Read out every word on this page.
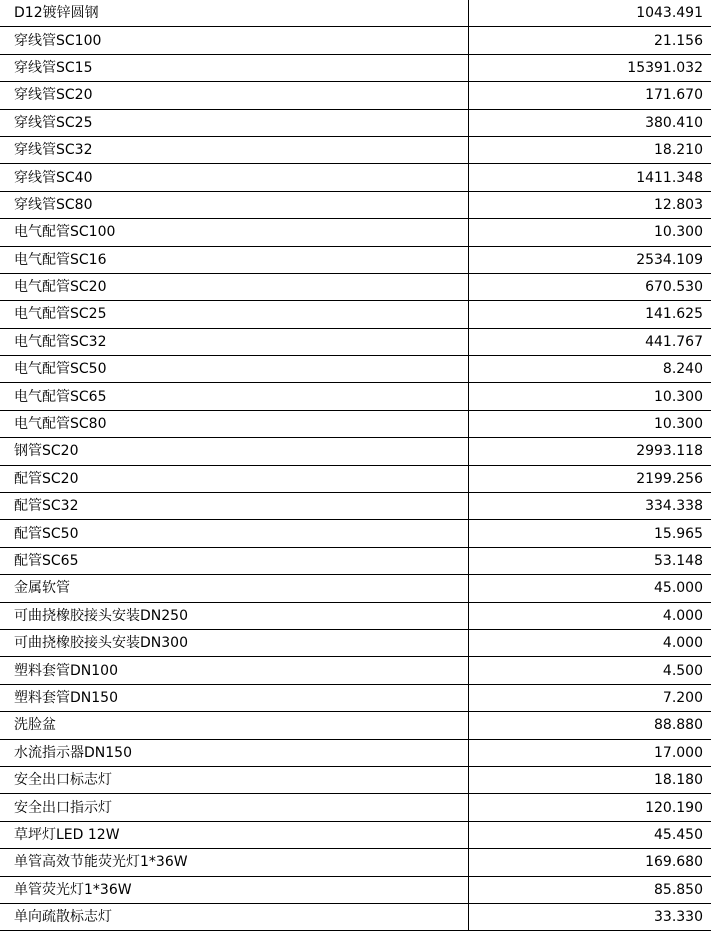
D12镀锌圆钢	1043.491
穿线管SC100	21.156
穿线管SC15	15391.032
穿线管SC20	171.670
穿线管SC25	380.410
穿线管SC32	18.210
穿线管SC40	1411.348
穿线管SC80	12.803
电气配管SC100	10.300
电气配管SC16	2534.109
电气配管SC20	670.530
电气配管SC25	141.625
电气配管SC32	441.767
电气配管SC50	8.240
电气配管SC65	10.300
电气配管SC80	10.300
钢管SC20	2993.118
配管SC20	2199.256
配管SC32	334.338
配管SC50	15.965
配管SC65	53.148
金属软管	45.000
可曲挠橡胶接头安装DN250	4.000
可曲挠橡胶接头安装DN300	4.000
塑料套管DN100	4.500
塑料套管DN150	7.200
洗脸盆	88.880
水流指示器DN150	17.000
安全出口标志灯	18.180
安全出口指示灯	120.190
草坪灯LED 12W	45.450
单管高效节能荧光灯1*36W	169.680
单管荧光灯1*36W	85.850
单向疏散标志灯	33.330
